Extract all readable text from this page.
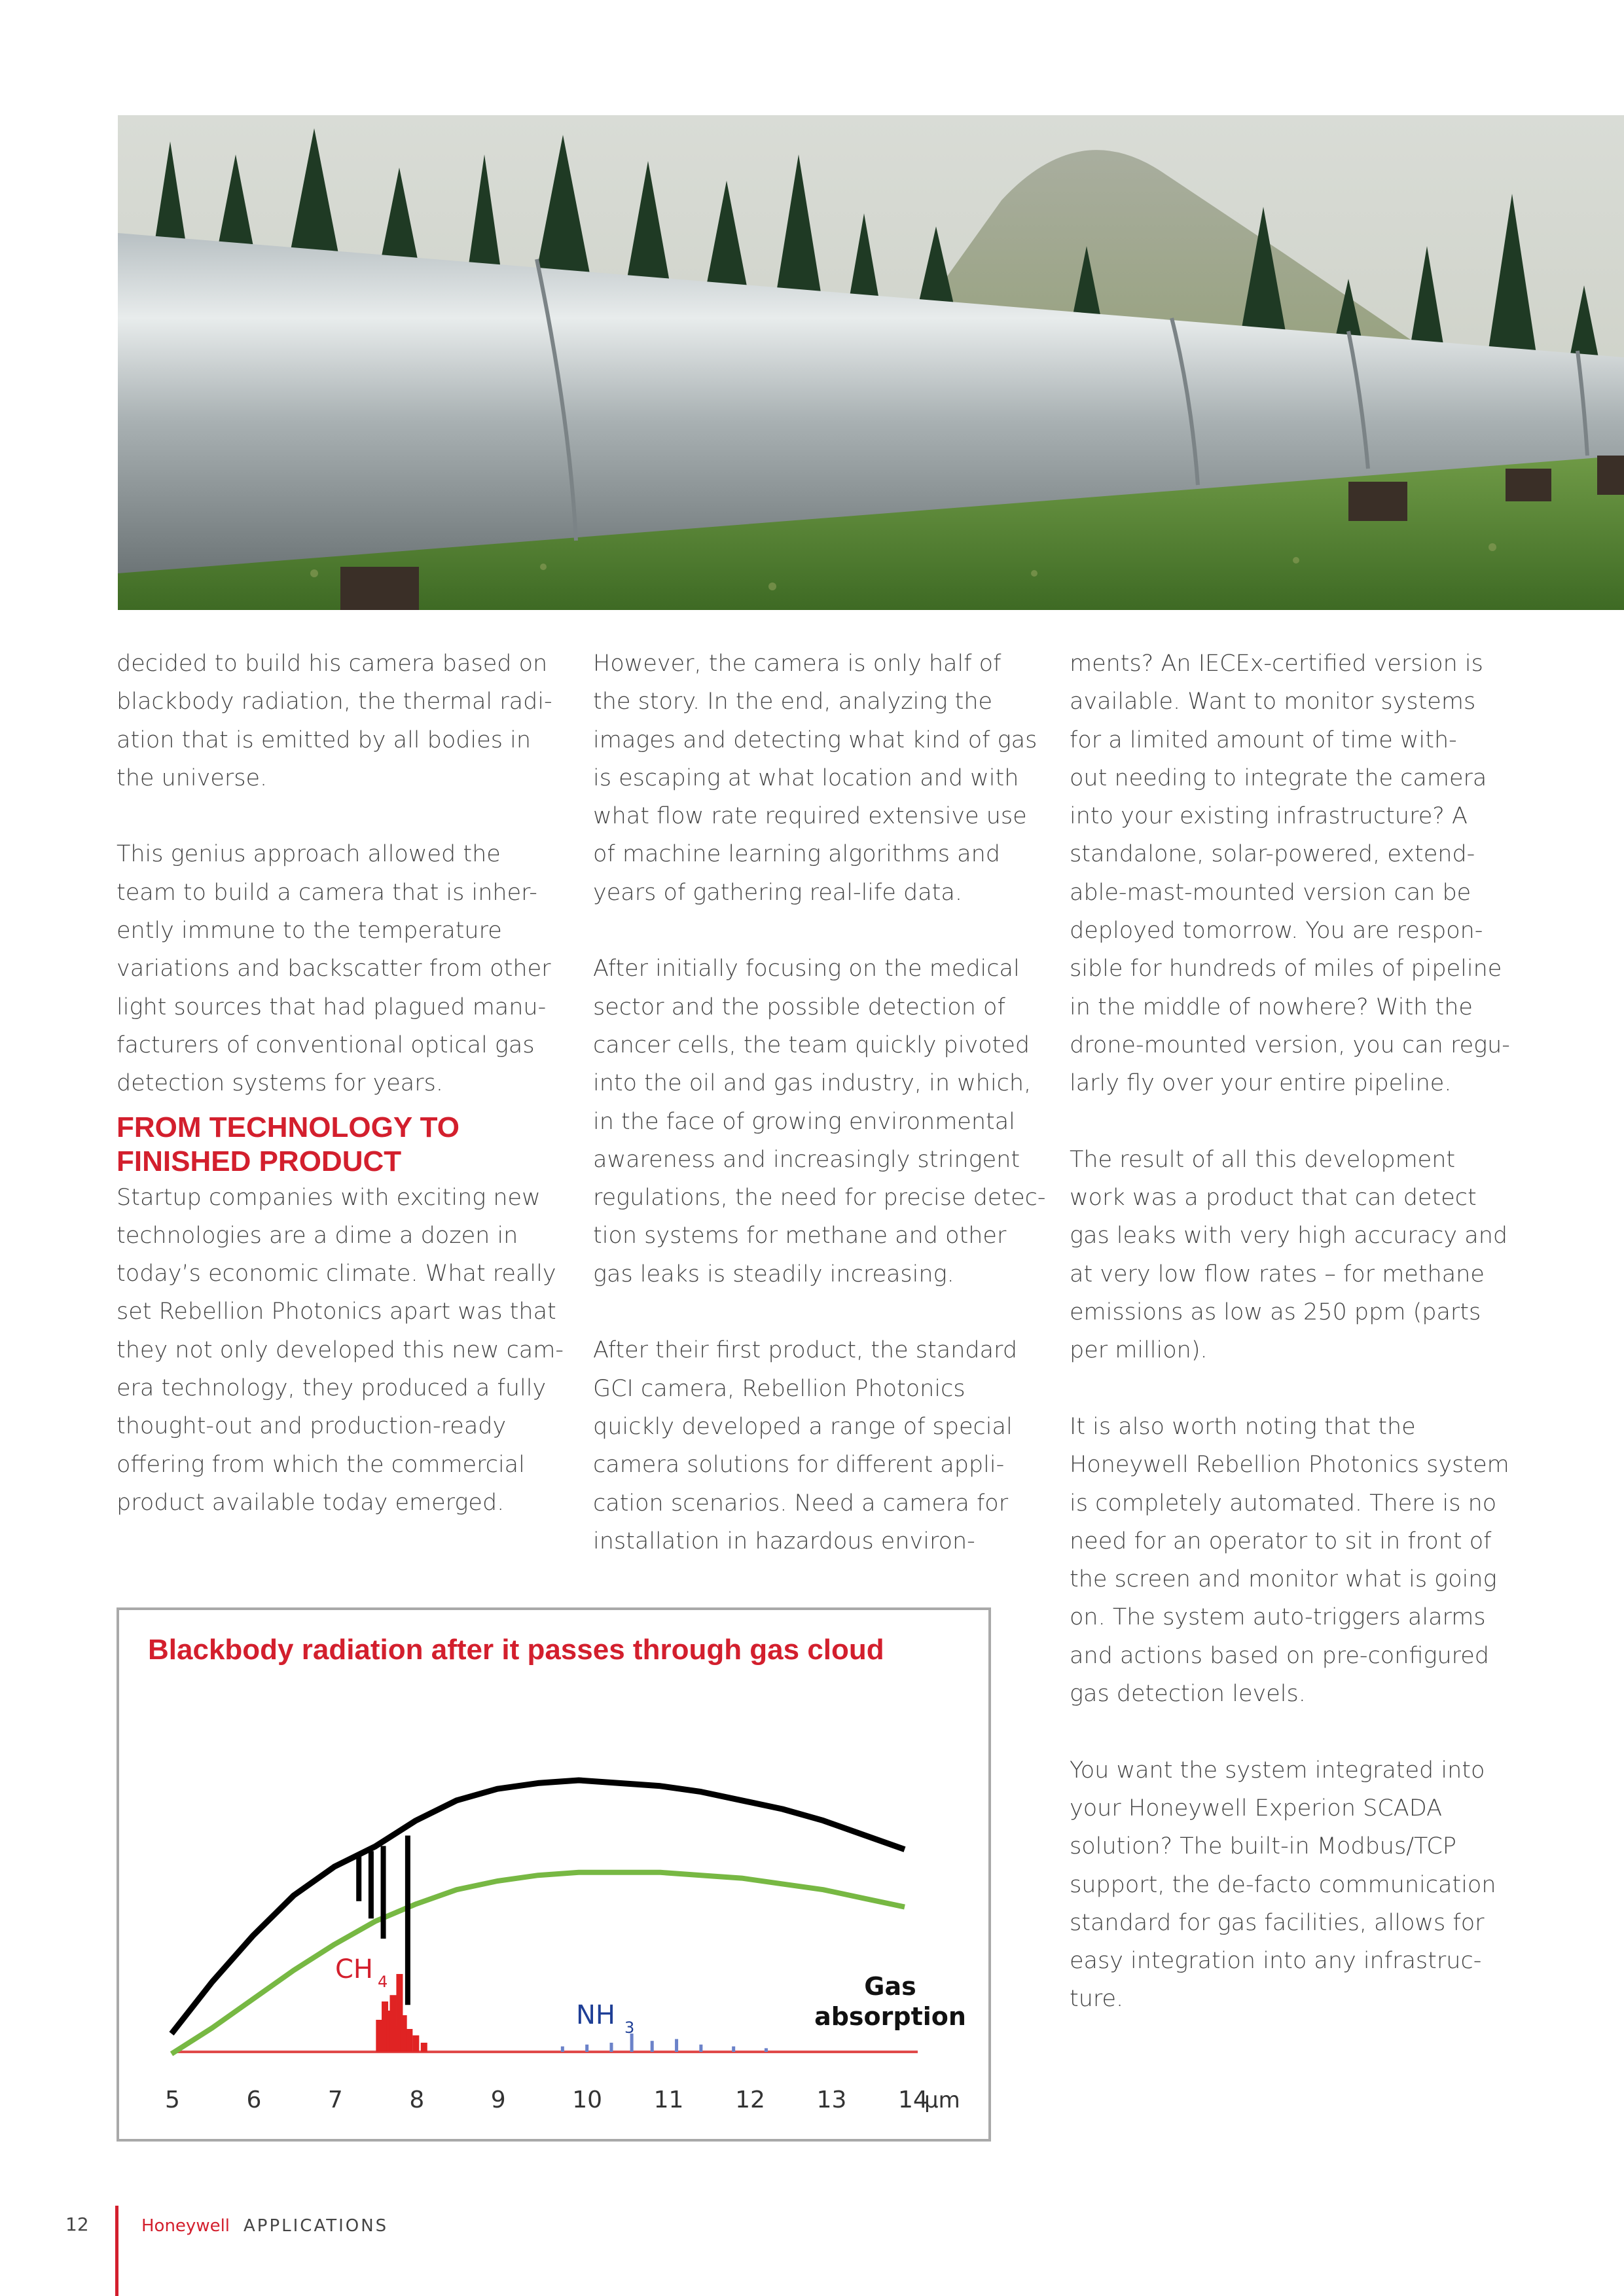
decided to build his camera based on
blackbody radiation, the thermal radi-
ation that is emitted by all bodies in
the universe.

This genius approach allowed the
team to build a camera that is inher-
ently immune to the temperature
variations and backscatter from other
light sources that had plagued manu-
facturers of conventional optical gas
detection systems for years.

FROM TECHNOLOGY TO
FINISHED PRODUCT

Startup companies with exciting new
technologies are a dime a dozen in
today’s economic climate. What really
set Rebellion Photonics apart was that
they not only developed this new cam-
era technology, they produced a fully
thought-out and production-ready
offering from which the commercial
product available today emerged.

However, the camera is only half of
the story. In the end, analyzing the
images and detecting what kind of gas
is escaping at what location and with
what flow rate required extensive use
of machine learning algorithms and
years of gathering real-life data.

After initially focusing on the medical
sector and the possible detection of
cancer cells, the team quickly pivoted
into the oil and gas industry, in which,
in the face of growing environmental
awareness and increasingly stringent
regulations, the need for precise detec-
tion systems for methane and other
gas leaks is steadily increasing.

After their first product, the standard
GCI camera, Rebellion Photonics
quickly developed a range of special
camera solutions for different appli-
cation scenarios. Need a camera for
installation in hazardous environ-

ments? An IECEx-certified version is
available. Want to monitor systems
for a limited amount of time with-
out needing to integrate the camera
into your existing infrastructure? A
standalone, solar-powered, extend-
able-mast-mounted version can be
deployed tomorrow. You are respon-
sible for hundreds of miles of pipeline
in the middle of nowhere? With the
drone-mounted version, you can regu-
larly fly over your entire pipeline.

The result of all this development
work was a product that can detect
gas leaks with very high accuracy and
at very low flow rates – for methane
emissions as low as 250 ppm (parts
per million).

It is also worth noting that the
Honeywell Rebellion Photonics system
is completely automated. There is no
need for an operator to sit in front of
the screen and monitor what is going
on. The system auto-triggers alarms
and actions based on pre-configured
gas detection levels.

You want the system integrated into
your Honeywell Experion SCADA
solution? The built-in Modbus/TCP
support, the de-facto communication
standard for gas facilities, allows for
easy integration into any infrastruc-
ture.

Blackbody radiation after it passes through gas cloud
5	6	7	8	9	10 11 12 13 14
μm
CH 4
NH 3
Gas
absorption
12	Honeywell APPLICATIONS
